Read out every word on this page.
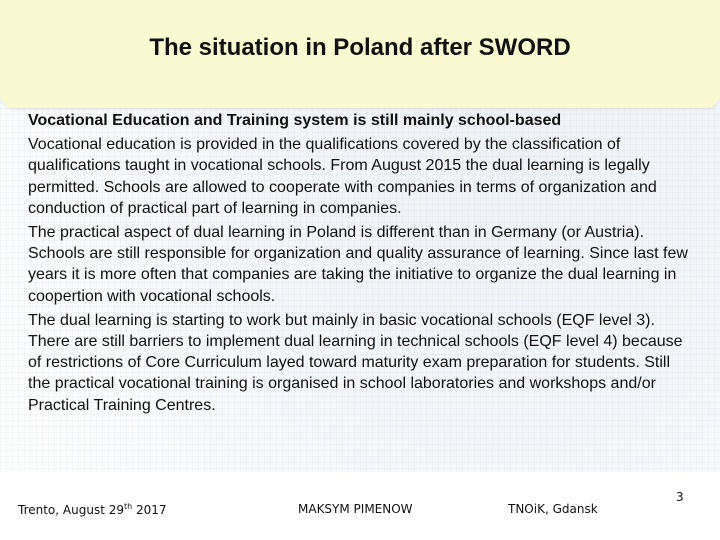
The situation in Poland after SWORD

Vocational Education and Training system is still mainly school-based

Vocational education is provided in the qualifications covered by the classification of qualifications taught in vocational schools. From August 2015 the dual learning is legally permitted. Schools are allowed to cooperate with companies in terms of organization and conduction of practical part of learning in companies.

The practical aspect of dual learning in Poland is different than in Germany (or Austria). Schools are still responsible for organization and quality assurance of learning. Since last few years it is more often that companies are taking the initiative to organize the dual learning in coopertion with vocational schools.

The dual learning is starting to work but mainly in basic vocational schools (EQF level 3). There are still barriers to implement dual learning in technical schools (EQF level 4) because of restrictions of Core Curriculum layed toward maturity exam preparation for students. Still the practical vocational training is organised in school laboratories and workshops and/or Practical Training Centres.

Trento, August 29th 2017	MAKSYM PIMENOW	TNOiK, Gdansk
3
